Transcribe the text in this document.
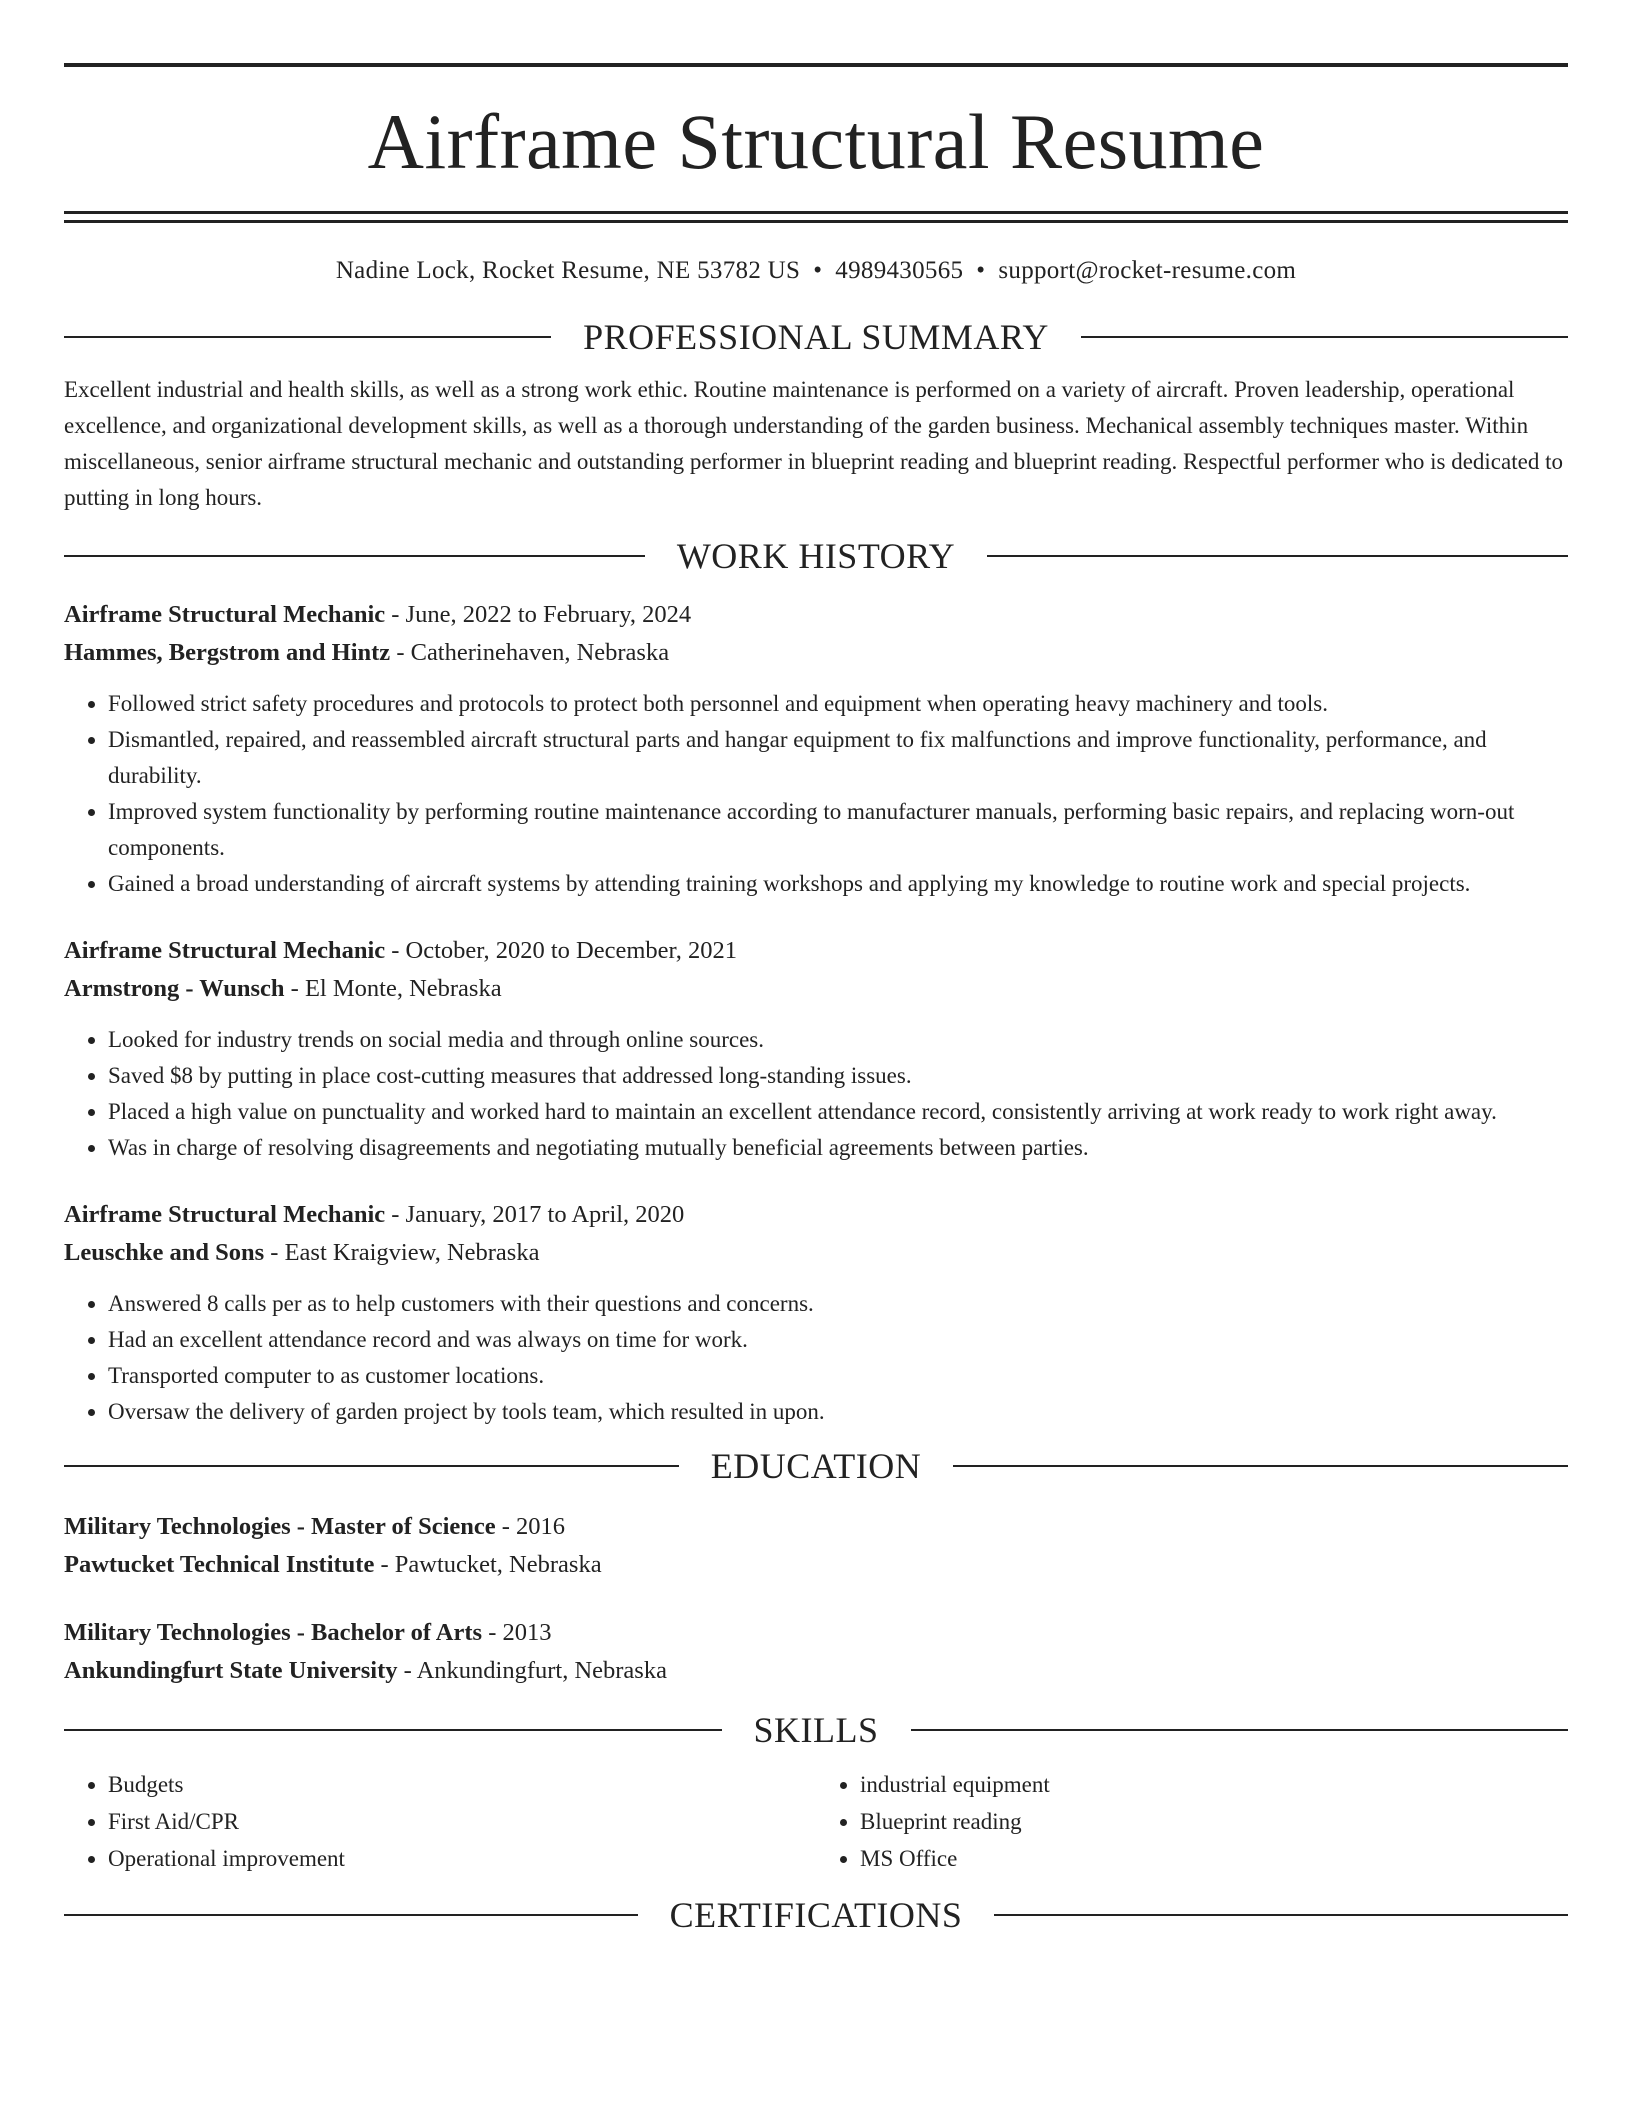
Airframe Structural Resume
Nadine Lock, Rocket Resume, NE 53782 US • 4989430565 • support@rocket-resume.com
PROFESSIONAL SUMMARY

Excellent industrial and health skills, as well as a strong work ethic. Routine maintenance is performed on a variety of aircraft. Proven leadership, operational excellence, and organizational development skills, as well as a thorough understanding of the garden business. Mechanical assembly techniques master. Within miscellaneous, senior airframe structural mechanic and outstanding performer in blueprint reading and blueprint reading. Respectful performer who is dedicated to putting in long hours.

WORK HISTORY
Airframe Structural Mechanic - June, 2022 to February, 2024
Hammes, Bergstrom and Hintz - Catherinehaven, Nebraska
• Followed strict safety procedures and protocols to protect both personnel and equipment when operating heavy machinery and tools.
• Dismantled, repaired, and reassembled aircraft structural parts and hangar equipment to fix malfunctions and improve functionality, performance, and durability.
• Improved system functionality by performing routine maintenance according to manufacturer manuals, performing basic repairs, and replacing worn-out components.
• Gained a broad understanding of aircraft systems by attending training workshops and applying my knowledge to routine work and special projects.
Airframe Structural Mechanic - October, 2020 to December, 2021
Armstrong - Wunsch - El Monte, Nebraska
• Looked for industry trends on social media and through online sources.
• Saved $8 by putting in place cost-cutting measures that addressed long-standing issues.
• Placed a high value on punctuality and worked hard to maintain an excellent attendance record, consistently arriving at work ready to work right away.
• Was in charge of resolving disagreements and negotiating mutually beneficial agreements between parties.
Airframe Structural Mechanic - January, 2017 to April, 2020
Leuschke and Sons - East Kraigview, Nebraska
• Answered 8 calls per as to help customers with their questions and concerns.
• Had an excellent attendance record and was always on time for work.
• Transported computer to as customer locations.
• Oversaw the delivery of garden project by tools team, which resulted in upon.
EDUCATION
Military Technologies - Master of Science - 2016
Pawtucket Technical Institute - Pawtucket, Nebraska
Military Technologies - Bachelor of Arts - 2013
Ankundingfurt State University - Ankundingfurt, Nebraska
SKILLS
• Budgets
• First Aid/CPR
• Operational improvement
• industrial equipment
• Blueprint reading
• MS Office
CERTIFICATIONS
